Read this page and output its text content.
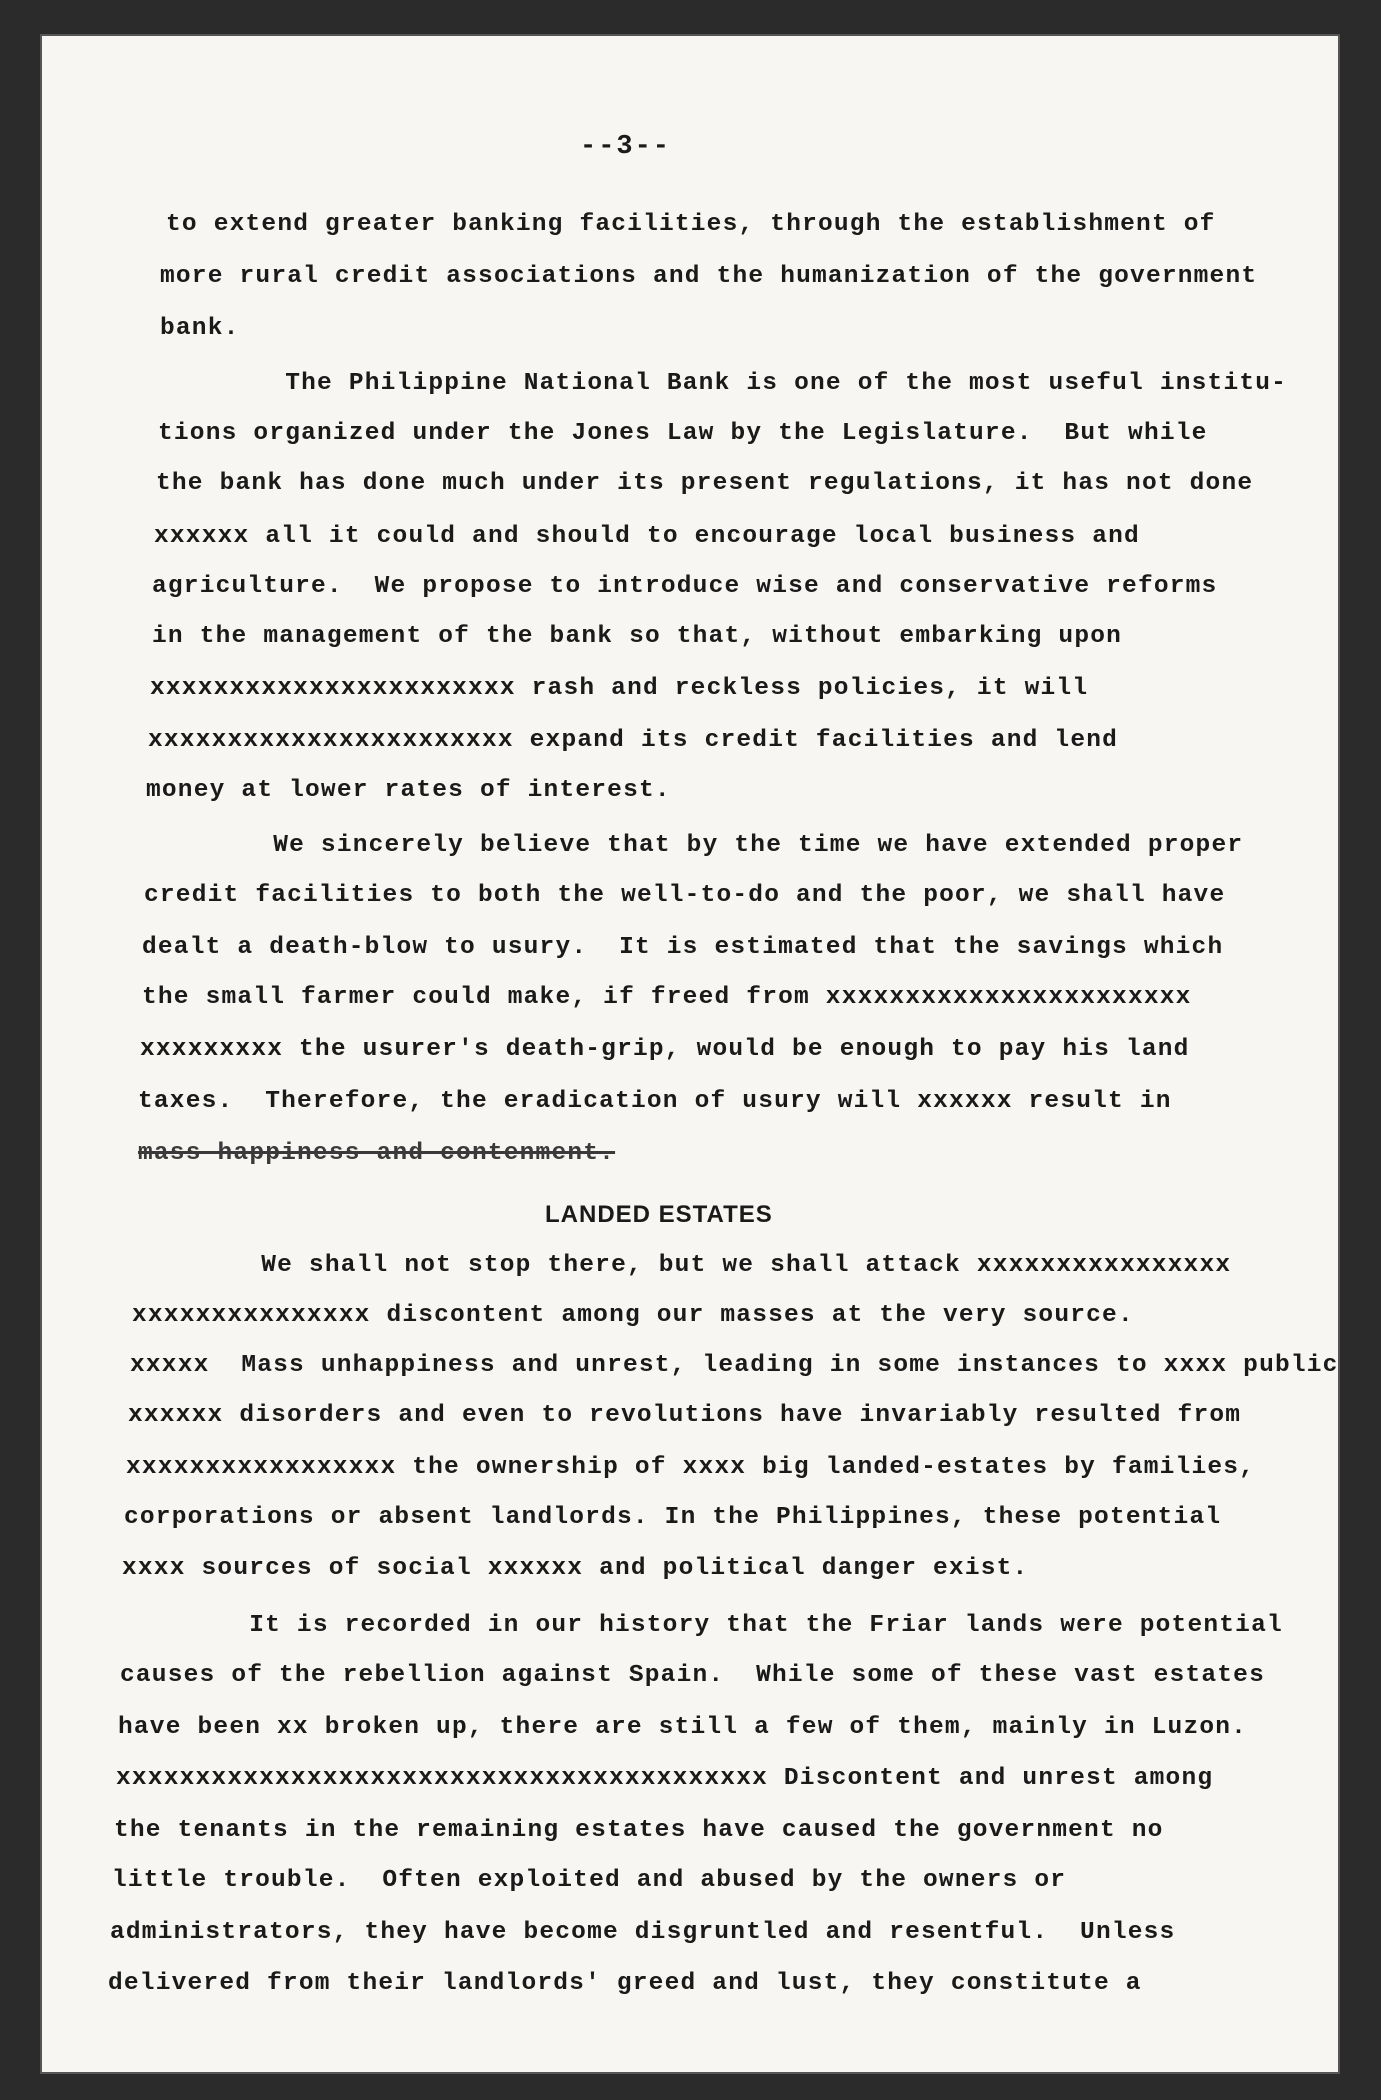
--3--
to extend greater banking facilities, through the establishment of
more rural credit associations and the humanization of the government
bank.
The Philippine National Bank is one of the most useful institu-
tions organized under the Jones Law by the Legislature.  But while
the bank has done much under its present regulations, it has not done
xxxxxx all it could and should to encourage local business and
agriculture.  We propose to introduce wise and conservative reforms
in the management of the bank so that, without embarking upon
xxxxxxxxxxxxxxxxxxxxxxx rash and reckless policies, it will
xxxxxxxxxxxxxxxxxxxxxxx expand its credit facilities and lend
money at lower rates of interest.
We sincerely believe that by the time we have extended proper
credit facilities to both the well-to-do and the poor, we shall have
dealt a death-blow to usury.  It is estimated that the savings which
the small farmer could make, if freed from xxxxxxxxxxxxxxxxxxxxxxx
xxxxxxxxx the usurer's death-grip, would be enough to pay his land
taxes.  Therefore, the eradication of usury will xxxxxx result in
mass happiness and contenment.
LANDED ESTATES
We shall not stop there, but we shall attack xxxxxxxxxxxxxxxx
xxxxxxxxxxxxxxx discontent among our masses at the very source.
xxxxx  Mass unhappiness and unrest, leading in some instances to xxxx public
xxxxxx disorders and even to revolutions have invariably resulted from
xxxxxxxxxxxxxxxxx the ownership of xxxx big landed-estates by families,
corporations or absent landlords. In the Philippines, these potential
xxxx sources of social xxxxxx and political danger exist.
It is recorded in our history that the Friar lands were potential
causes of the rebellion against Spain.  While some of these vast estates
have been xx broken up, there are still a few of them, mainly in Luzon.
xxxxxxxxxxxxxxxxxxxxxxxxxxxxxxxxxxxxxxxxx Discontent and unrest among
the tenants in the remaining estates have caused the government no
little trouble.  Often exploited and abused by the owners or
administrators, they have become disgruntled and resentful.  Unless
delivered from their landlords' greed and lust, they constitute a
